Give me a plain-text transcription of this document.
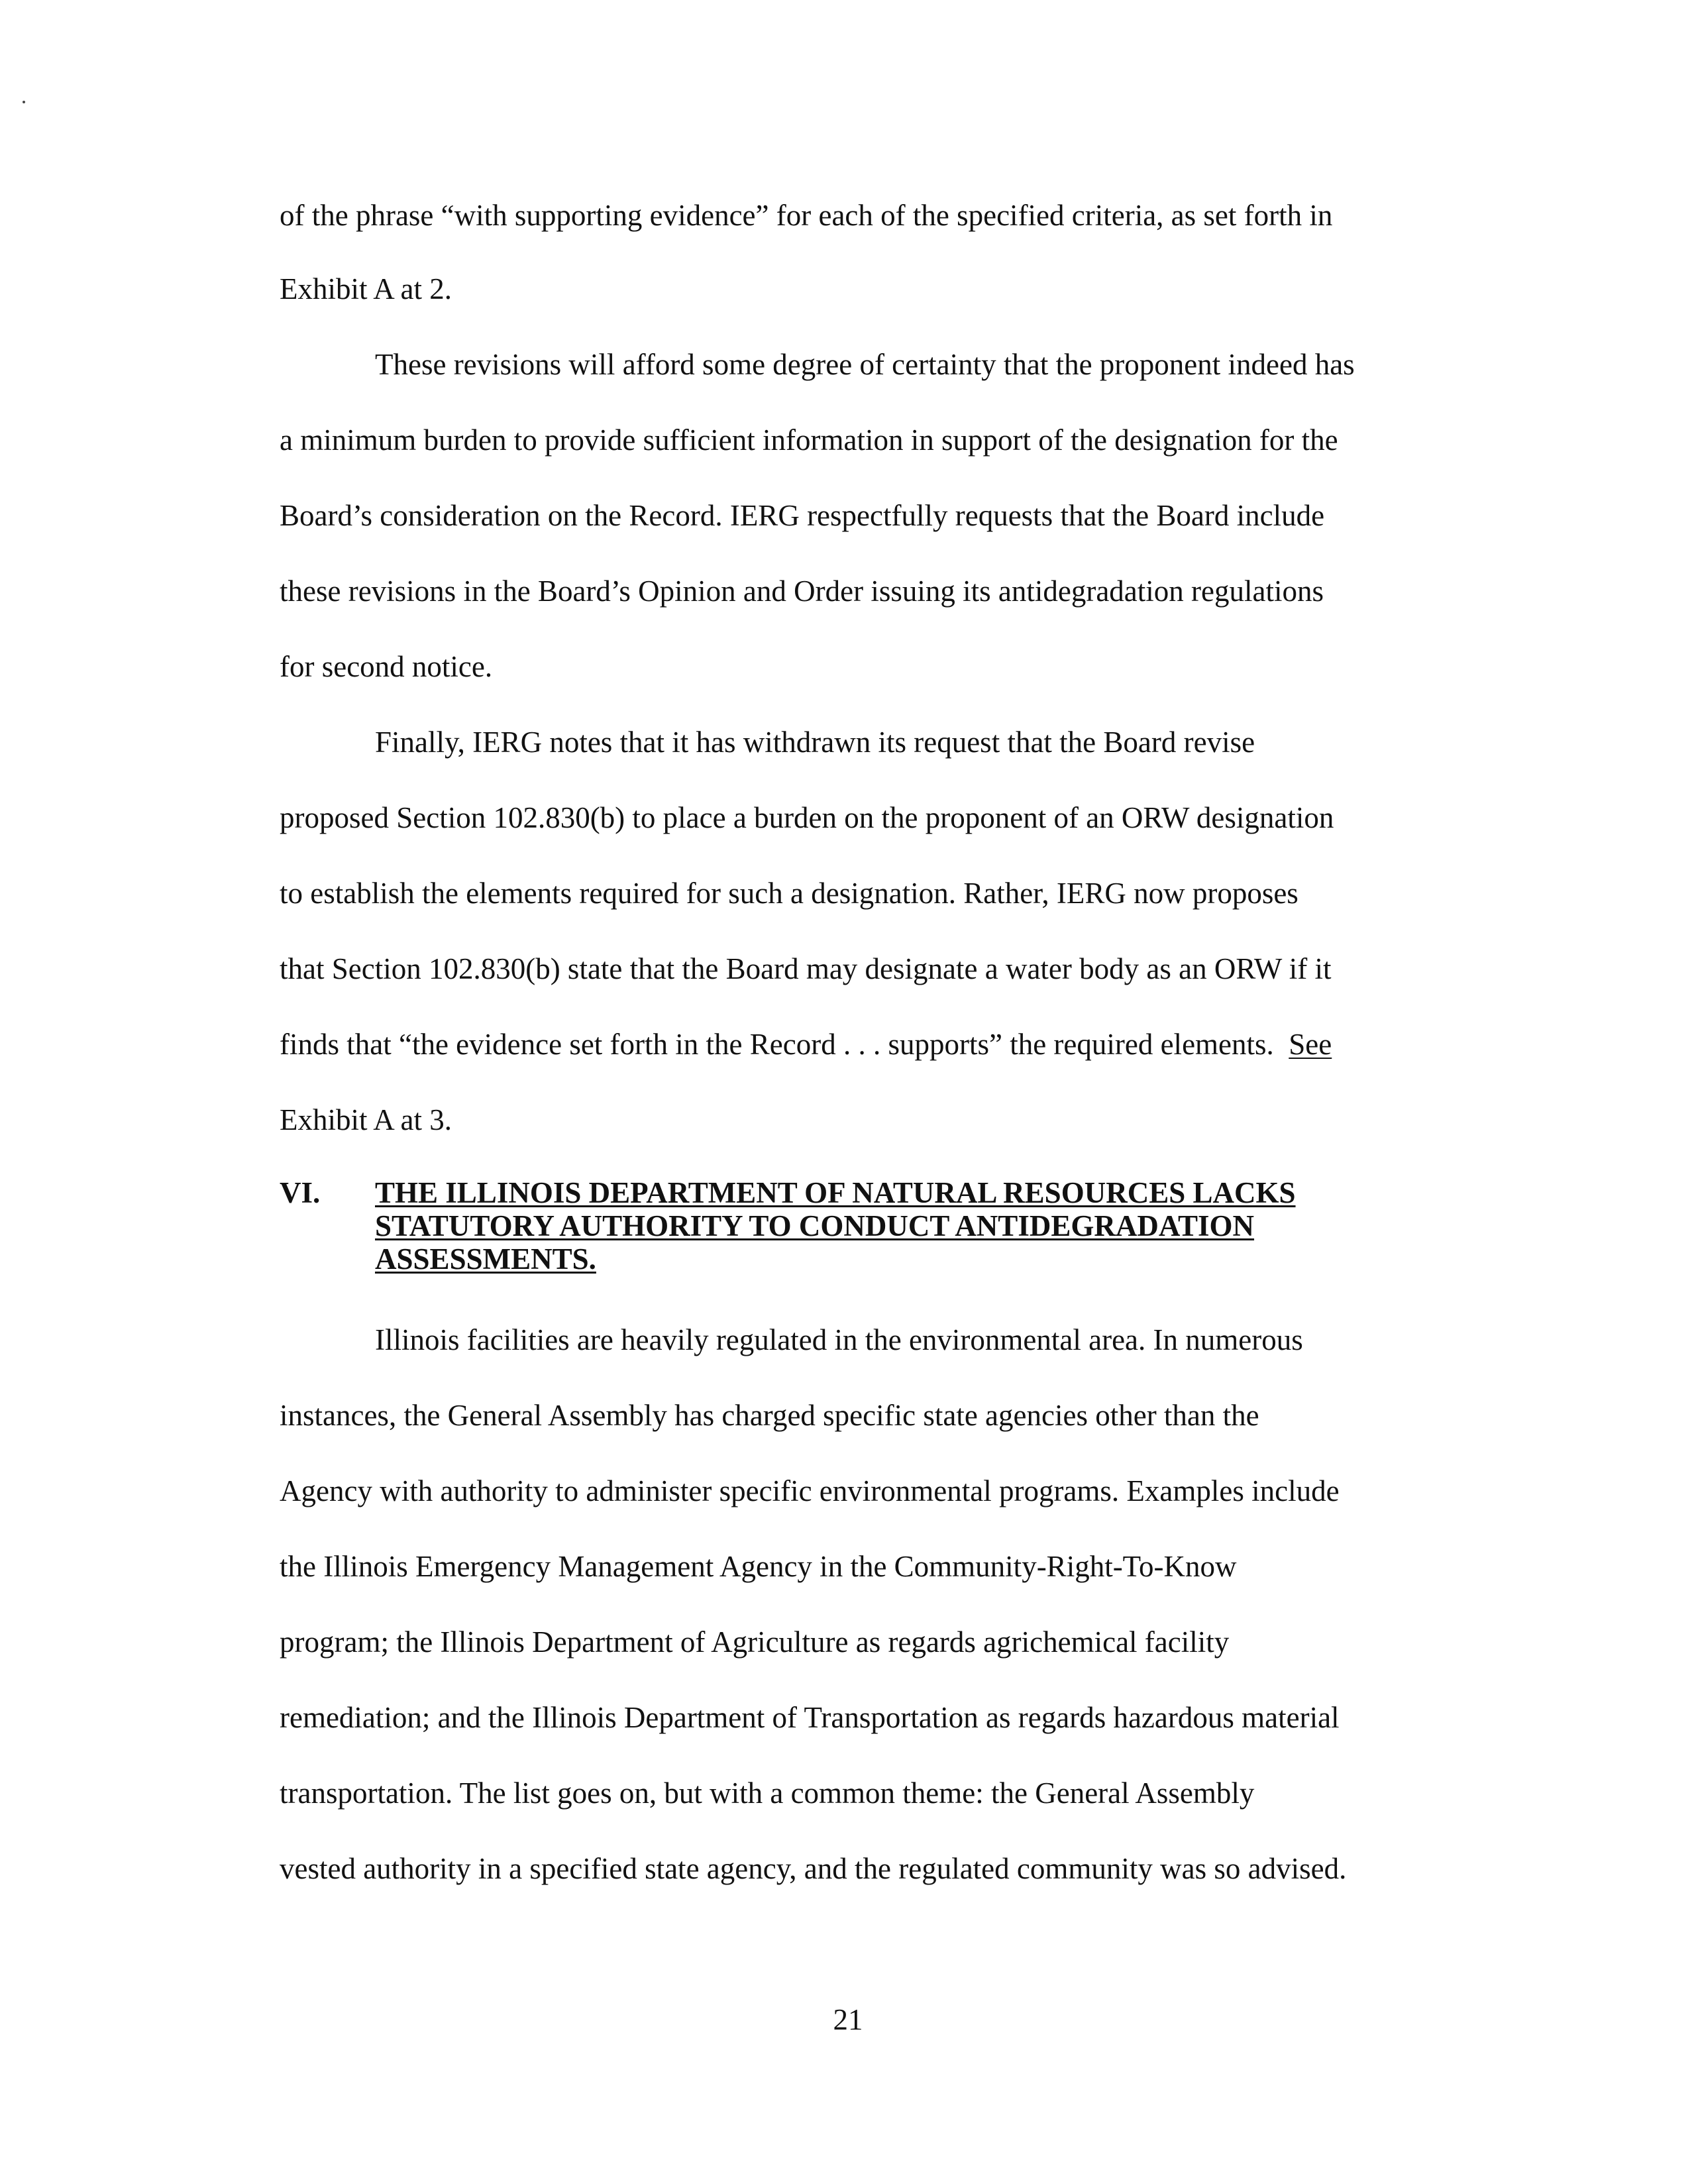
of the phrase “with supporting evidence” for each of the specified criteria, as set forth in
Exhibit A at 2.
These revisions will afford some degree of certainty that the proponent indeed has
a minimum burden to provide sufficient information in support of the designation for the
Board’s consideration on the Record. IERG respectfully requests that the Board include
these revisions in the Board’s Opinion and Order issuing its antidegradation regulations
for second notice.
Finally, IERG notes that it has withdrawn its request that the Board revise
proposed Section 102.830(b) to place a burden on the proponent of an ORW designation
to establish the elements required for such a designation. Rather, IERG now proposes
that Section 102.830(b) state that the Board may designate a water body as an ORW if it
finds that “the evidence set forth in the Record . . . supports” the required elements.  See
Exhibit A at 3.
VI. THE ILLINOIS DEPARTMENT OF NATURAL RESOURCES LACKS
STATUTORY AUTHORITY TO CONDUCT ANTIDEGRADATION
ASSESSMENTS.
Illinois facilities are heavily regulated in the environmental area. In numerous
instances, the General Assembly has charged specific state agencies other than the
Agency with authority to administer specific environmental programs. Examples include
the Illinois Emergency Management Agency in the Community-Right-To-Know
program; the Illinois Department of Agriculture as regards agrichemical facility
remediation; and the Illinois Department of Transportation as regards hazardous material
transportation. The list goes on, but with a common theme: the General Assembly
vested authority in a specified state agency, and the regulated community was so advised.
21
